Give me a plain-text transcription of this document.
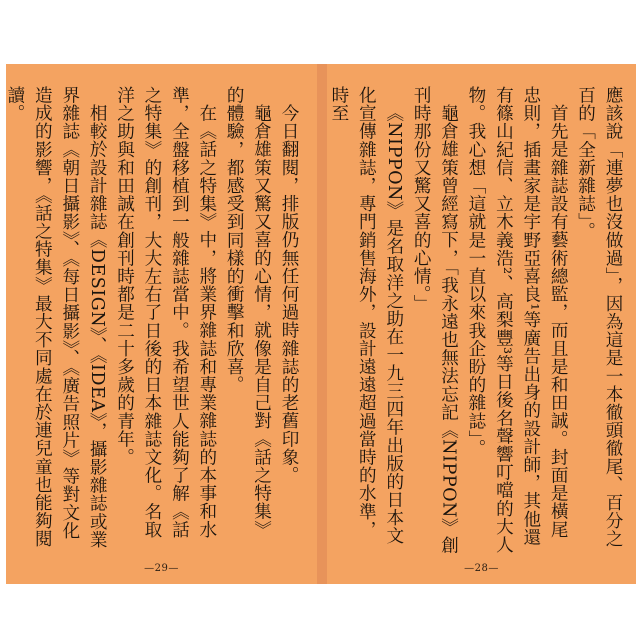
今日翻閱，排版仍無任何過時雜誌的老舊印象。

龜倉雄策又驚又喜的心情，就像是自己對《話之特集》的體驗，都感受到同樣的衝擊和欣喜。

在《話之特集》中，將業界雜誌和專業雜誌的本事和水準，全盤移植到一般雜誌當中。我希望世人能夠了解《話之特集》的創刊，大大左右了日後的日本雜誌文化。名取洋之助與和田誠在創刊時都是二十多歲的青年。

相較於設計雜誌《DESIGN》、《IDEA》，攝影雜誌或業界雜誌《朝日攝影》、《每日攝影》、《廣告照片》等對文化造成的影響，《話之特集》最大不同處在於連兒童也能夠閱讀。

—29—

應該說「連夢也沒做過」，因為這是一本徹頭徹尾、百分之百的「全新雜誌」。

首先是雜誌設有藝術總監，而且是和田誠。封面是橫尾忠則，插畫家是宇野亞喜良¹等廣告出身的設計師，其他還有篠山紀信、立木義浩²、高梨豐³等日後名聲響叮噹的大人物。我心想「這就是一直以來我企盼的雜誌」。

龜倉雄策曾經寫下，「我永遠也無法忘記《NIPPON》創刊時那份又驚又喜的心情。」

《NIPPON》是名取洋之助在一九三四年出版的日本文化宣傳雜誌，專門銷售海外，設計遠遠超過當時的水準，時至

—28—
